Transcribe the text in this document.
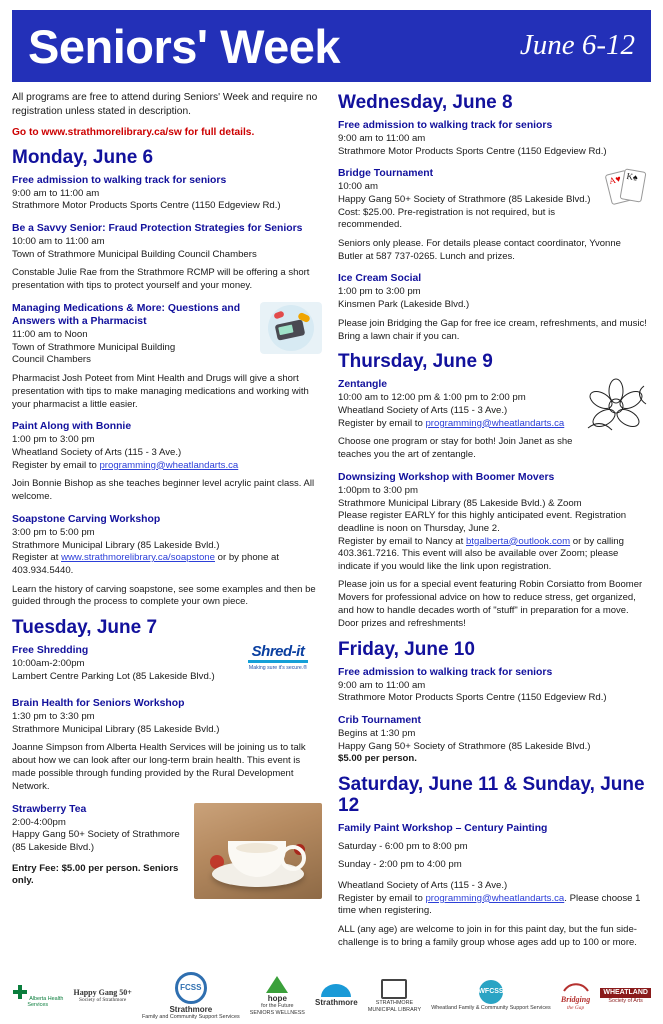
Seniors' Week	June 6-12
All programs are free to attend during Seniors' Week and require no registration unless stated in description.
Go to www.strathmorelibrary.ca/sw for full details.
Monday, June 6
Free admission to walking track for seniors
9:00 am to 11:00 am
Strathmore Motor Products Sports Centre (1150 Edgeview Rd.)
Be a Savvy Senior: Fraud Protection Strategies for Seniors
10:00 am to 11:00 am
Town of Strathmore Municipal Building Council Chambers
Constable Julie Rae from the Strathmore RCMP will be offering a short presentation with tips to protect yourself and your money.
Managing Medications & More: Questions and Answers with a Pharmacist
11:00 am to Noon
Town of Strathmore Municipal Building
Council Chambers
Pharmacist Josh Poteet from Mint Health and Drugs will give a short presentation with tips to make managing medications and working with your pharmacist a little easier.
Paint Along with Bonnie
1:00 pm to 3:00 pm
Wheatland Society of Arts (115 - 3 Ave.)
Register by email to programming@wheatlandarts.ca
Join Bonnie Bishop as she teaches beginner level acrylic paint class. All welcome.
Soapstone Carving Workshop
3:00 pm to 5:00 pm
Strathmore Municipal Library (85 Lakeside Bvld.)
Register at www.strathmorelibrary.ca/soapstone or by phone at 403.934.5440.
Learn the history of carving soapstone, see some examples and then be guided through the process to complete your own piece.
Tuesday, June 7
Shred-it
Making sure it's secure.®
Free Shredding
10:00am-2:00pm
Lambert Centre Parking Lot (85 Lakeside Blvd.)
Brain Health for Seniors Workshop
1:30 pm to 3:30 pm
Strathmore Municipal Library (85 Lakeside Bvld.)
Joanne Simpson from Alberta Health Services will be joining us to talk about how we can look after our long-term brain health. This event is made possible through funding provided by the Rural Development Network.
Strawberry Tea
2:00-4:00pm
Happy Gang 50+ Society of Strathmore (85 Lakeside Blvd.)
Entry Fee: $5.00 per person. Seniors only.
Wednesday, June 8
Free admission to walking track for seniors
9:00 am to 11:00 am
Strathmore Motor Products Sports Centre (1150 Edgeview Rd.)
A♥ K♠
Bridge Tournament
10:00 am
Happy Gang 50+ Society of Strathmore (85 Lakeside Blvd.)
Cost: $25.00. Pre-registration is not required, but is recommended.
Seniors only please. For details please contact coordinator, Yvonne Butler at 587 737-0265. Lunch and prizes.
Ice Cream Social
1:00 pm to 3:00 pm
Kinsmen Park (Lakeside Blvd.)
Please join Bridging the Gap for free ice cream, refreshments, and music! Bring a lawn chair if you can.
Thursday, June 9
Zentangle
10:00 am to 12:00 pm & 1:00 pm to 2:00 pm
Wheatland Society of Arts (115 - 3 Ave.)
Register by email to programming@wheatlandarts.ca
Choose one program or stay for both! Join Janet as she teaches you the art of zentangle.
Downsizing Workshop with Boomer Movers
1:00pm to 3:00 pm
Strathmore Municipal Library (85 Lakeside Bvld.) & Zoom
Please register EARLY for this highly anticipated event. Registration deadline is noon on Thursday, June 2.
Register by email to Nancy at btgalberta@outlook.com or by calling 403.361.7216. This event will also be available over Zoom; please indicate if you would like the link upon registration.
Please join us for a special event featuring Robin Corsiatto from Boomer Movers for professional advice on how to reduce stress, get organized, and how to handle decades worth of "stuff" in preparation for a move. Door prizes and refreshments!
Friday, June 10
Free admission to walking track for seniors
9:00 am to 11:00 am
Strathmore Motor Products Sports Centre (1150 Edgeview Rd.)
Crib Tournament
Begins at 1:30 pm
Happy Gang 50+ Society of Strathmore (85 Lakeside Blvd.)
$5.00 per person.
Saturday, June 11 & Sunday, June 12
Family Paint Workshop – Century Painting
Saturday - 6:00 pm to 8:00 pm
Sunday - 2:00 pm to 4:00 pm
Wheatland Society of Arts (115 - 3 Ave.)
Register by email to programming@wheatlandarts.ca. Please choose 1 time when registering.
ALL (any age) are welcome to join in for this paint day, but the fun side-challenge is to bring a family group whose ages add up to 100 or more.
Alberta Health
Services
Happy Gang 50+
Society of Strathmore
FCSS
Strathmore
Family and Community Support Services
hope
for the Future
SENIORS WELLNESS
Strathmore	STRATHMORE
MUNICIPAL LIBRARY
WFCSS
Wheatland Family & Community Support Services
Bridging
the Gap
WHEATLAND
Society of Arts
